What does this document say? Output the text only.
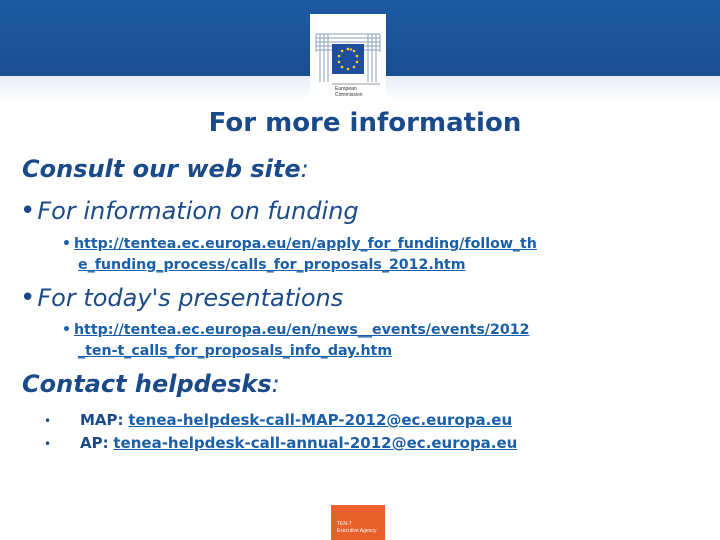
European
Commission
For more information
Consult our web site:
•For information on funding
• http://tentea.ec.europa.eu/en/apply_for_funding/follow_th
e_funding_process/calls_for_proposals_2012.htm
•For today's presentations
• http://tentea.ec.europa.eu/en/news__events/events/2012
_ten-t_calls_for_proposals_info_day.htm
Contact helpdesks:
• MAP: tenea-helpdesk-call-MAP-2012@ec.europa.eu
• AP: tenea-helpdesk-call-annual-2012@ec.europa.eu
TEN-T
Executive Agency
